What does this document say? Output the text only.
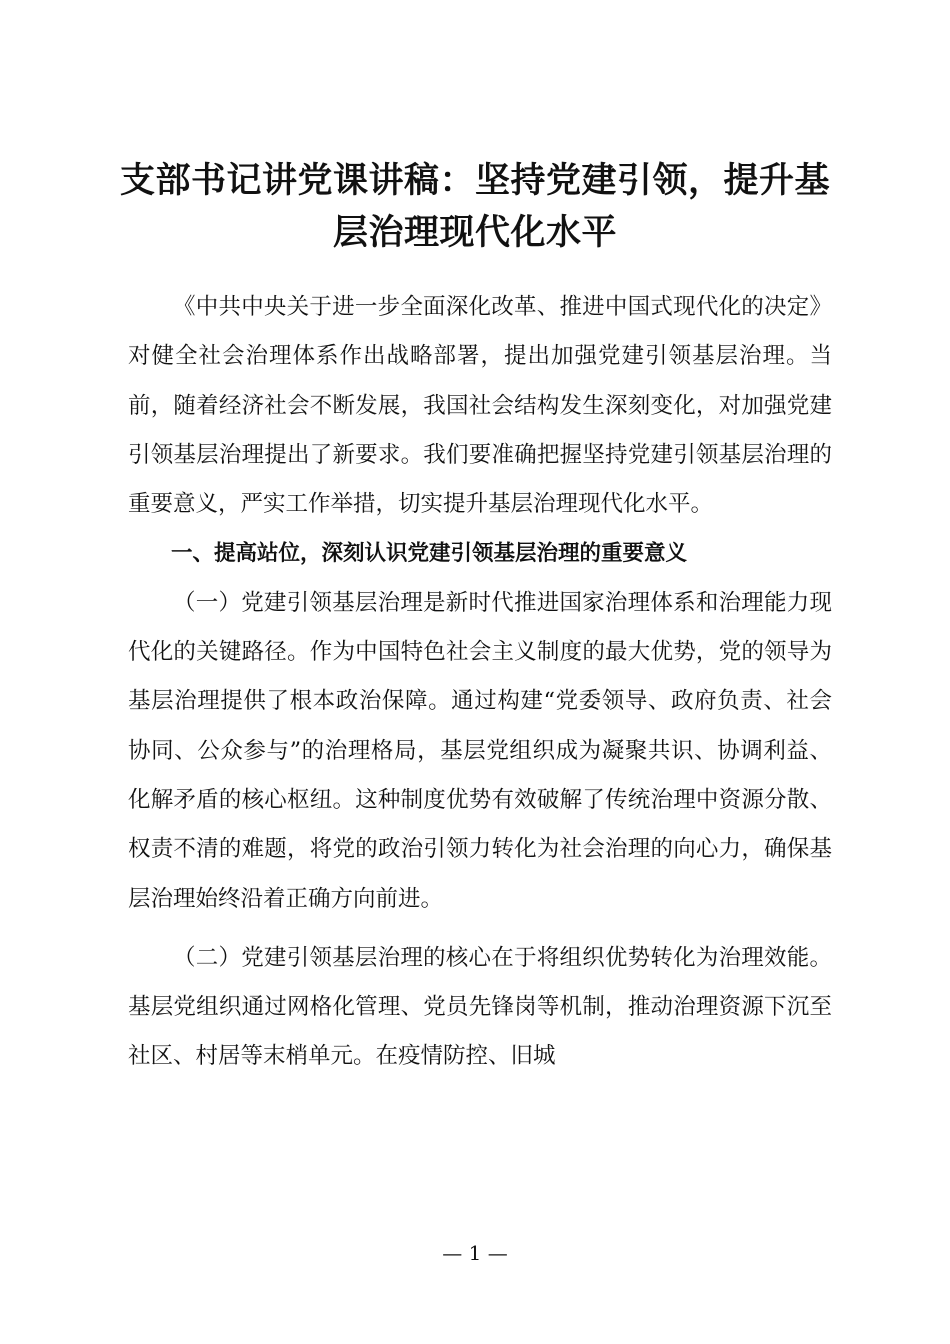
支部书记讲党课讲稿：坚持党建引领，提升基
层治理现代化水平

《中共中央关于进一步全面深化改革、推进中国式现代化的决定》对健全社会治理体系作出战略部署，提出加强党建引领基层治理。当前，随着经济社会不断发展，我国社会结构发生深刻变化，对加强党建引领基层治理提出了新要求。我们要准确把握坚持党建引领基层治理的重要意义，严实工作举措，切实提升基层治理现代化水平。

一、提高站位，深刻认识党建引领基层治理的重要意义

（一）党建引领基层治理是新时代推进国家治理体系和治理能力现代化的关键路径。作为中国特色社会主义制度的最大优势，党的领导为基层治理提供了根本政治保障。通过构建“党委领导、政府负责、社会协同、公众参与”的治理格局，基层党组织成为凝聚共识、协调利益、化解矛盾的核心枢纽。这种制度优势有效破解了传统治理中资源分散、权责不清的难题，将党的政治引领力转化为社会治理的向心力，确保基层治理始终沿着正确方向前进。

（二）党建引领基层治理的核心在于将组织优势转化为治理效能。基层党组织通过网格化管理、党员先锋岗等机制，推动治理资源下沉至社区、村居等末梢单元。在疫情防控、旧城

— 1 —
